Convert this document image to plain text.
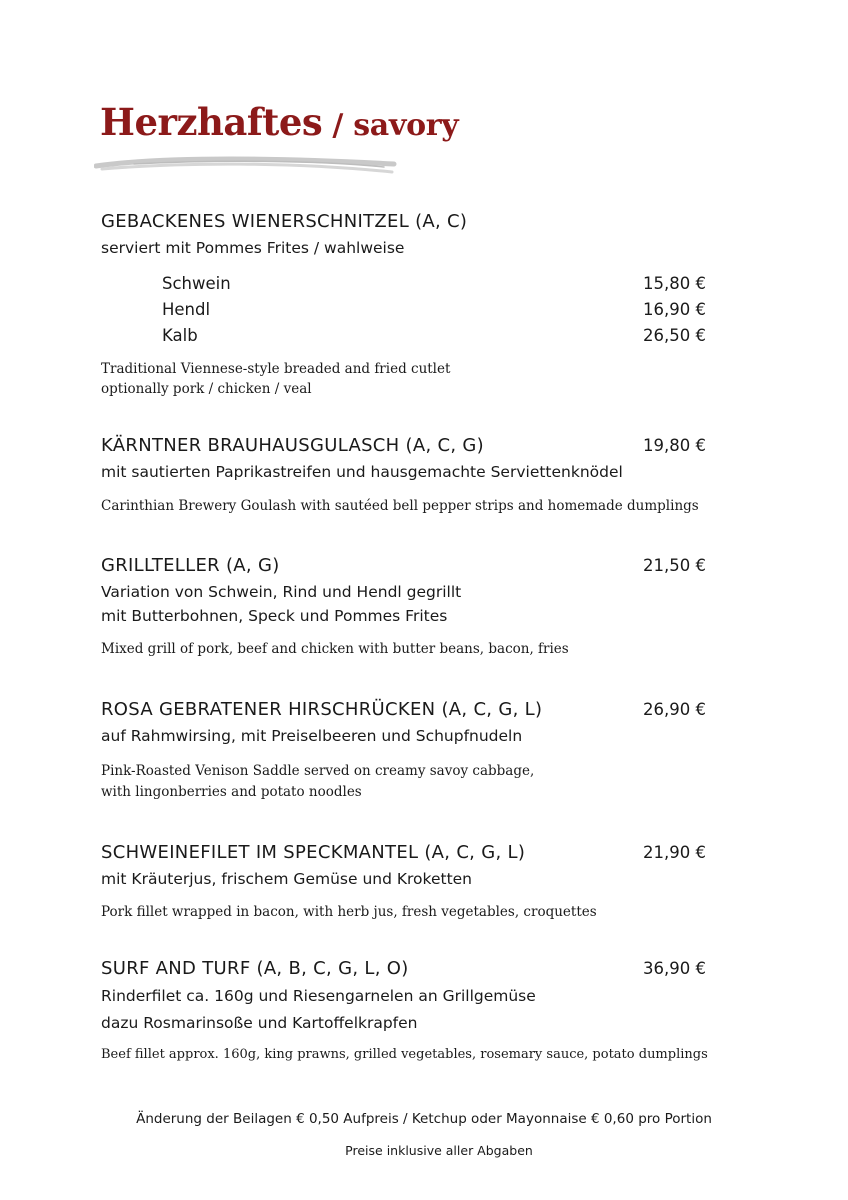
Herzhaftes / savory
GEBACKENES WIENERSCHNITZEL (A, C)
serviert mit Pommes Frites / wahlweise
Schwein	15,80 €
Hendl	16,90 €
Kalb	26,50 €
Traditional Viennese-style breaded and fried cutlet
optionally pork / chicken / veal
KÄRNTNER BRAUHAUSGULASCH (A, C, G)	19,80 €
mit sautierten Paprikastreifen und hausgemachte Serviettenknödel
Carinthian Brewery Goulash with sautéed bell pepper strips and homemade dumplings
GRILLTELLER (A, G)	21,50 €
Variation von Schwein, Rind und Hendl gegrillt
mit Butterbohnen, Speck und Pommes Frites
Mixed grill of pork, beef and chicken with butter beans, bacon, fries
ROSA GEBRATENER HIRSCHRÜCKEN (A, C, G, L)	26,90 €
auf Rahmwirsing, mit Preiselbeeren und Schupfnudeln
Pink-Roasted Venison Saddle served on creamy savoy cabbage,
with lingonberries and potato noodles
SCHWEINEFILET IM SPECKMANTEL (A, C, G, L)	21,90 €
mit Kräuterjus, frischem Gemüse und Kroketten
Pork fillet wrapped in bacon, with herb jus, fresh vegetables, croquettes
SURF AND TURF (A, B, C, G, L, O)	36,90 €
Rinderfilet ca. 160g und Riesengarnelen an Grillgemüse
dazu Rosmarinsoße und Kartoffelkrapfen
Beef fillet approx. 160g, king prawns, grilled vegetables, rosemary sauce, potato dumplings
Änderung der Beilagen € 0,50 Aufpreis / Ketchup oder Mayonnaise € 0,60 pro Portion
Preise inklusive aller Abgaben
